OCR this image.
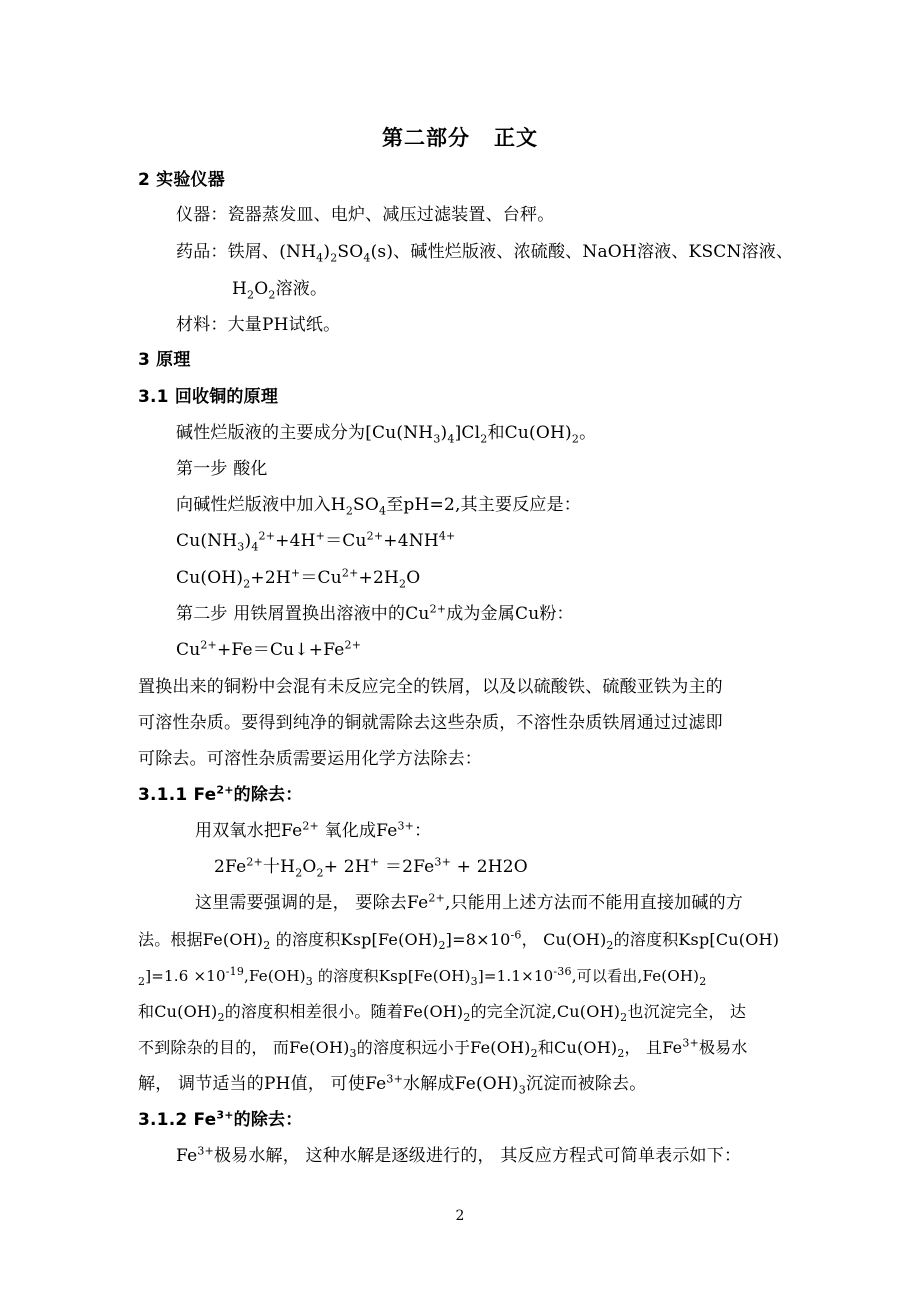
第二部分 正文
2 实验仪器
仪器：瓷器蒸发皿、电炉、减压过滤装置、台秤。
药品：铁屑、$(NH_4)_2SO_4(s)$、碱性烂版液、浓硫酸、NaOH溶液、KSCN溶液、
$H_2O_2$溶液。
材料：大量PH试纸。
3 原理
3.1 回收铜的原理
碱性烂版液的主要成分为$[Cu(NH_3)_4]Cl_2$和$Cu(OH)_2$。
第一步 酸化
向碱性烂版液中加入$H_2SO_4$至pH=2,其主要反应是：
$Cu(NH_3)_4^{2+}+4H^+=Cu^{2+}+4NH^{4+}$
$Cu(OH)_2+2H^+=Cu^{2+}+2H_2O$
第二步 用铁屑置换出溶液中的$Cu^{2+}$成为金属Cu粉：
$Cu^{2+}+Fe=Cu↓+Fe^{2+}$
置换出来的铜粉中会混有未反应完全的铁屑，以及以硫酸铁、硫酸亚铁为主的
可溶性杂质。要得到纯净的铜就需除去这些杂质，不溶性杂质铁屑通过过滤即
可除去。可溶性杂质需要运用化学方法除去：
3.1.1 $Fe^{2+}$的除去：
用双氧水把$Fe^{2+}$ 氧化成$Fe^{3+}$：
$2Fe^{2+}$十$H_2O_2+ 2H^+ =2Fe^{3+} + 2H2O$
这里需要强调的是， 要除去$Fe^{2+}$,只能用上述方法而不能用直接加碱的方
法。根据$Fe(OH)_2$ 的溶度积$Ksp[Fe(OH)_2]=8\times 10^{-6}$， $Cu(OH)_2$的溶度积Ksp[Cu(OH)
$_2]=1.6 \times 10^{-19},Fe(OH)_3$ 的溶度积$Ksp[Fe(OH)_3]=1.1\times 10^{-36}$,可以看出$,Fe(OH)_2$
和$Cu(OH)_2$的溶度积相差很小。随着$Fe(OH)_2$的完全沉淀$,Cu(OH)_2$也沉淀完全， 达
不到除杂的目的， 而$Fe(OH)_3$的溶度积远小于$Fe(OH)_2$和$Cu(OH)_2$， 且$Fe^{3+}$极易水
解， 调节适当的PH值， 可使$Fe^{3+}$水解成$Fe(OH)_3$沉淀而被除去。
3.1.2 $Fe^{3+}$的除去：
$Fe^{3+}$极易水解， 这种水解是逐级进行的， 其反应方程式可简单表示如下：
2
